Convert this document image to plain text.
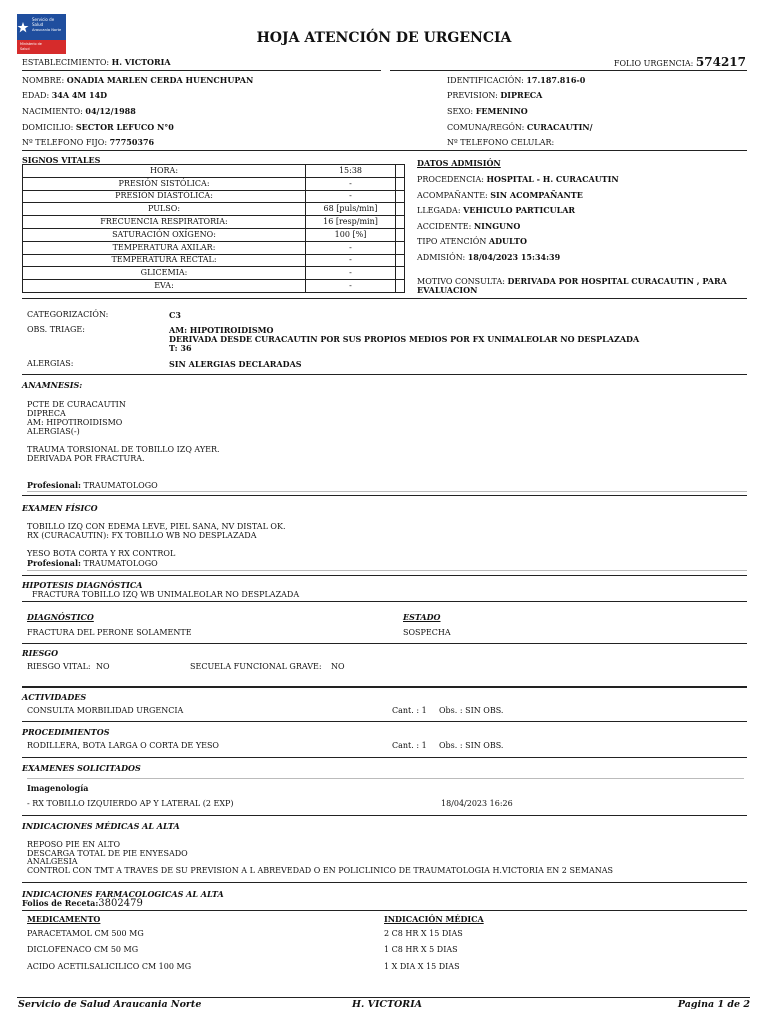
Servicio de
Salud
Araucanía Norte
Ministerio de
Salud
HOJA ATENCIÓN DE URGENCIA
ESTABLECIMIENTO: H. VICTORIA	FOLIO URGENCIA: 574217
NOMBRE: ONADIA MARLEN CERDA HUENCHUPAN
EDAD: 34A 4M 14D
NACIMIENTO: 04/12/1988
DOMICILIO: SECTOR LEFUCO N°0
Nº TELEFONO FIJO: 77750376
IDENTIFICACIÓN: 17.187.816-0
PREVISION: DIPRECA
SEXO: FEMENINO
COMUNA/REGÓN: CURACAUTIN/
Nº TELEFONO CELULAR:
SIGNOS VITALES
HORA:	15:38	
PRESIÓN SISTÓLICA:	-	
PRESIÓN DIASTÓLICA:	-	
PULSO:	68 [puls/min]	
FRECUENCIA RESPIRATORIA:	16 [resp/min]	
SATURACIÓN OXÍGENO:	100 [%]	
TEMPERATURA AXILAR:	-	
TEMPERATURA RECTAL:	-	
GLICEMIA:	-	
EVA:	-	
DATOS ADMISIÓN
PROCEDENCIA: HOSPITAL - H. CURACAUTIN
ACOMPAÑANTE: SIN ACOMPAÑANTE
LLEGADA: VEHICULO PARTICULAR
ACCIDENTE: NINGUNO
TIPO ATENCIÓN ADULTO
ADMISIÓN: 18/04/2023 15:34:39
MOTIVO CONSULTA: DERIVADA POR HOSPITAL CURACAUTIN , PARA
EVALUACION
CATEGORIZACIÓN:	C3
OBS. TRIAGE:	AM: HIPOTIROIDISMO
DERIVADA DESDE CURACAUTIN POR SUS PROPIOS MEDIOS POR FX UNIMALEOLAR NO DESPLAZADA
T: 36
ALERGIAS:	SIN ALERGIAS DECLARADAS
ANAMNESIS:
PCTE DE CURACAUTIN
DIPRECA
AM: HIPOTIROIDISMO
ALERGIAS(-)
TRAUMA TORSIONAL DE TOBILLO IZQ AYER.
DERIVADA POR FRACTURA.
Profesional: TRAUMATOLOGO
EXAMEN FÍSICO
TOBILLO IZQ CON EDEMA LEVE, PIEL SANA, NV DISTAL OK.
RX (CURACAUTIN): FX TOBILLO WB NO DESPLAZADA
YESO BOTA CORTA Y RX CONTROL
Profesional: TRAUMATOLOGO
HIPOTESIS DIAGNÓSTICA
FRACTURA TOBILLO IZQ WB UNIMALEOLAR NO DESPLAZADA
DIAGNÓSTICO	ESTADO
FRACTURA DEL PERONE SOLAMENTE	SOSPECHA
RIESGO
RIESGO VITAL: NO	SECUELA FUNCIONAL GRAVE: NO
ACTIVIDADES
CONSULTA MORBILIDAD URGENCIA	Cant. : 1 Obs. : SIN OBS.
PROCEDIMIENTOS
RODILLERA, BOTA LARGA O CORTA DE YESO	Cant. : 1 Obs. : SIN OBS.
EXAMENES SOLICITADOS
Imagenología
- RX TOBILLO IZQUIERDO AP Y LATERAL (2 EXP)	18/04/2023 16:26
INDICACIONES MÉDICAS AL ALTA
REPOSO PIE EN ALTO
DESCARGA TOTAL DE PIE ENYESADO
ANALGESIA
CONTROL CON TMT A TRAVES DE SU PREVISION A L ABREVEDAD O EN POLICLINICO DE TRAUMATOLOGIA H.VICTORIA EN 2 SEMANAS
INDICACIONES FARMACOLOGICAS AL ALTA
Folios de Receta:3802479
MEDICAMENTO	INDICACIÓN MÉDICA
PARACETAMOL CM 500 MG	2 C8 HR X 15 DIAS
DICLOFENACO CM 50 MG	1 C8 HR X 5 DIAS
ACIDO ACETILSALICILICO CM 100 MG	1 X DIA X 15 DIAS
Servicio de Salud Araucania Norte	H. VICTORIA	Pagina 1 de 2
